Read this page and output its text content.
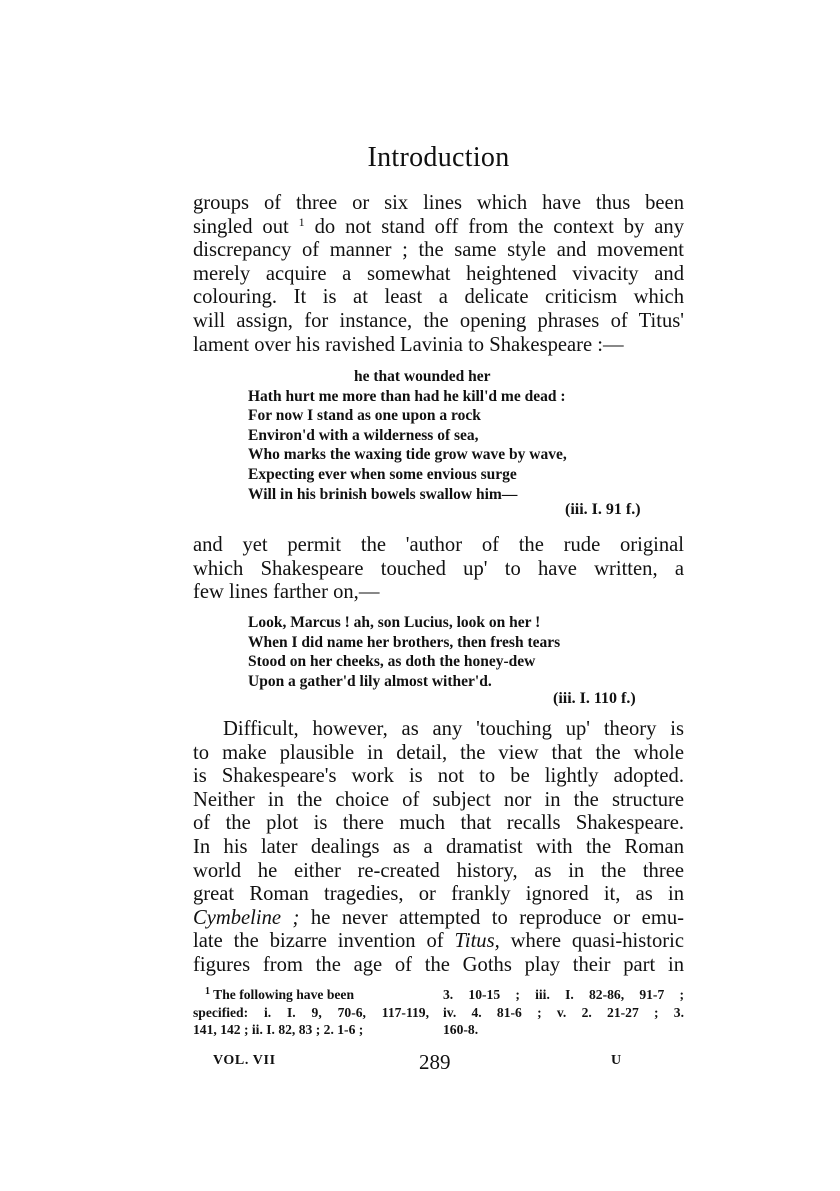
Introduction
groups of three or six lines which have thus been
singled out $^1$ do not stand off from the context by any
discrepancy of manner ; the same style and movement
merely acquire a somewhat heightened vivacity and
colouring. It is at least a delicate criticism which
will assign, for instance, the opening phrases of Titus'
lament over his ravished Lavinia to Shakespeare :—
he that wounded her
Hath hurt me more than had he kill'd me dead :
For now I stand as one upon a rock
Environ'd with a wilderness of sea,
Who marks the waxing tide grow wave by wave,
Expecting ever when some envious surge
Will in his brinish bowels swallow him—
(iii. I. 91 f.)
and yet permit the 'author of the rude original
which Shakespeare touched up' to have written, a
few lines farther on,—
Look, Marcus ! ah, son Lucius, look on her !
When I did name her brothers, then fresh tears
Stood on her cheeks, as doth the honey-dew
Upon a gather'd lily almost wither'd.
(iii. I. 110 f.)
Difficult, however, as any 'touching up' theory is
to make plausible in detail, the view that the whole
is Shakespeare's work is not to be lightly adopted.
Neither in the choice of subject nor in the structure
of the plot is there much that recalls Shakespeare.
In his later dealings as a dramatist with the Roman
world he either re-created history, as in the three
great Roman tragedies, or frankly ignored it, as in
Cymbeline ; he never attempted to reproduce or emu-
late the bizarre invention of Titus, where quasi-historic
figures from the age of the Goths play their part in
$^1$ The following have been
specified: i. I. 9, 70-6, 117-119,
141, 142 ; ii. I. 82, 83 ; 2. 1-6 ;
3. 10-15 ; iii. I. 82-86, 91-7 ;
iv. 4. 81-6 ; v. 2. 21-27 ; 3.
160-8.
VOL. VII	289	U
